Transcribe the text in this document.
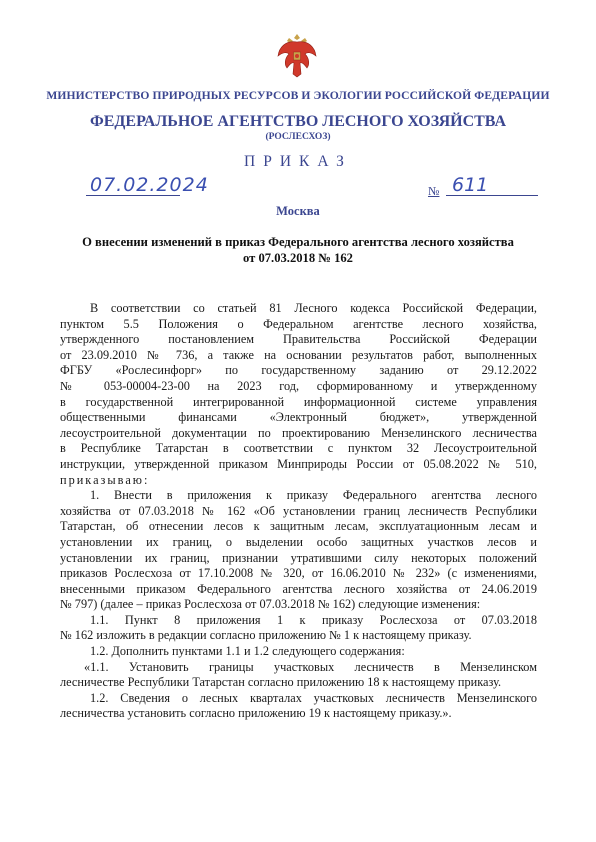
МИНИСТЕРСТВО ПРИРОДНЫХ РЕСУРСОВ И ЭКОЛОГИИ РОССИЙСКОЙ ФЕДЕРАЦИИ
ФЕДЕРАЛЬНОЕ АГЕНТСТВО ЛЕСНОГО ХОЗЯЙСТВА
(РОСЛЕСХОЗ)
ПРИКАЗ
07.02.2024	№ 611
Москва
О внесении изменений в приказ Федерального агентства лесного хозяйства
от 07.03.2018 № 162
В соответствии со статьей 81 Лесного кодекса Российской Федерации,
пунктом 5.5 Положения о Федеральном агентстве лесного хозяйства,
утвержденного постановлением Правительства Российской Федерации
от 23.09.2010 № 736, а также на основании результатов работ, выполненных
ФГБУ «Рослесинфорг» по государственному заданию от 29.12.2022
№ 053-00004-23-00 на 2023 год, сформированному и утвержденному
в государственной интегрированной информационной системе управления
общественными финансами «Электронный бюджет», утвержденной
лесоустроительной документации по проектированию Мензелинского лесничества
в Республике Татарстан в соответствии с пунктом 32 Лесоустроительной
инструкции, утвержденной приказом Минприроды России от 05.08.2022 № 510,
приказываю:
1. Внести в приложения к приказу Федерального агентства лесного
хозяйства от 07.03.2018 № 162 «Об установлении границ лесничеств Республики
Татарстан, об отнесении лесов к защитным лесам, эксплуатационным лесам и
установлении их границ, о выделении особо защитных участков лесов и
установлении их границ, признании утратившими силу некоторых положений
приказов Рослесхоза от 17.10.2008 № 320, от 16.06.2010 № 232» (с изменениями,
внесенными приказом Федерального агентства лесного хозяйства от 24.06.2019
№ 797) (далее – приказ Рослесхоза от 07.03.2018 № 162) следующие изменения:
1.1. Пункт 8 приложения 1 к приказу Рослесхоза от 07.03.2018
№ 162 изложить в редакции согласно приложению № 1 к настоящему приказу.
1.2. Дополнить пунктами 1.1 и 1.2 следующего содержания:
«1.1. Установить границы участковых лесничеств в Мензелинском
лесничестве Республики Татарстан согласно приложению 18 к настоящему приказу.
1.2. Сведения о лесных кварталах участковых лесничеств Мензелинского
лесничества установить согласно приложению 19 к настоящему приказу.».
